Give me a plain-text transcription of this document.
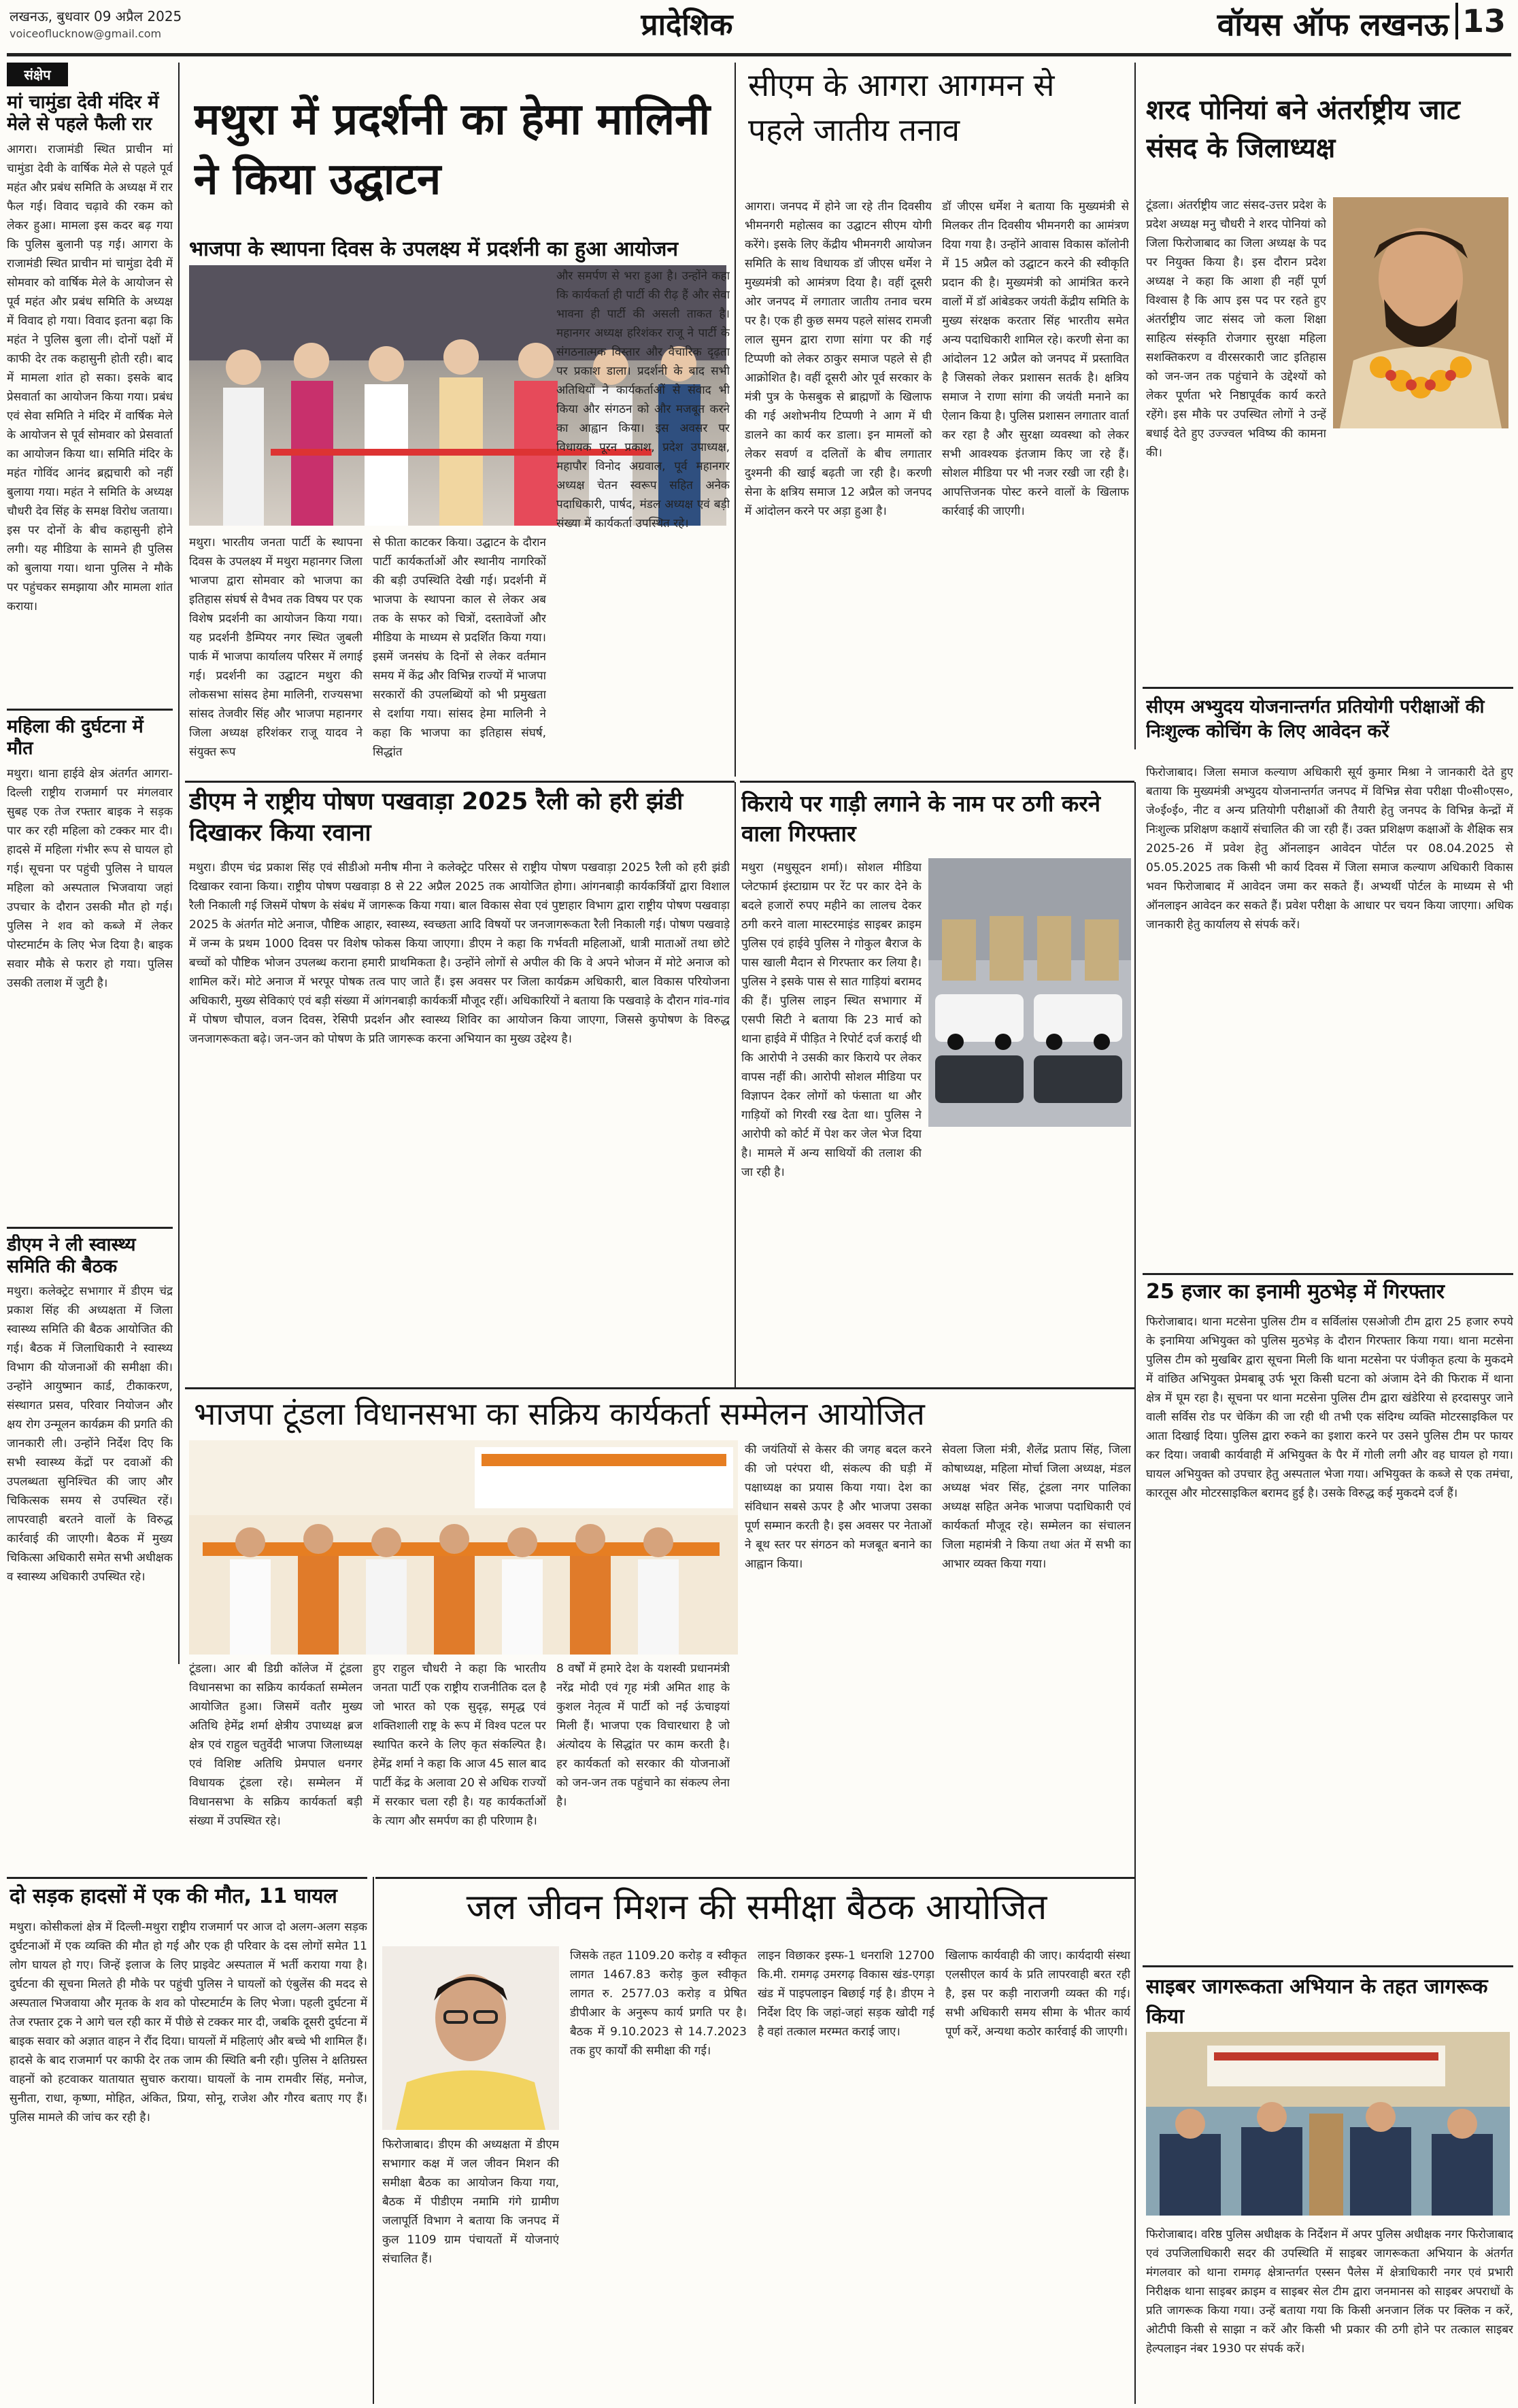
लखनऊ, बुधवार 09 अप्रैल 2025
voiceoflucknow@gmail.com	प्रादेशिक	वॉयस ऑफ लखनऊ 13
संक्षेप
मां चामुंडा देवी मंदिर में मेले से पहले फैली रार
आगरा। राजामंडी स्थित प्राचीन मां चामुंडा देवी के वार्षिक मेले से पहले पूर्व महंत और प्रबंध समिति के अध्यक्ष में रार फैल गई। विवाद चढ़ावे की रकम को लेकर हुआ। मामला इस कदर बढ़ गया कि पुलिस बुलानी पड़ गई। आगरा के राजामंडी स्थित प्राचीन मां चामुंडा देवी में सोमवार को वार्षिक मेले के आयोजन से पूर्व महंत और प्रबंध समिति के अध्यक्ष में विवाद हो गया। विवाद इतना बढ़ा कि महंत ने पुलिस बुला ली। दोनों पक्षों में काफी देर तक कहासुनी होती रही। बाद में मामला शांत हो सका। इसके बाद प्रेसवार्ता का आयोजन किया गया। प्रबंध एवं सेवा समिति ने मंदिर में वार्षिक मेले के आयोजन से पूर्व सोमवार को प्रेसवार्ता का आयोजन किया था। समिति मंदिर के महंत गोविंद आनंद ब्रह्मचारी को नहीं बुलाया गया। महंत ने समिति के अध्यक्ष चौधरी देव सिंह के समक्ष विरोध जताया। इस पर दोनों के बीच कहासुनी होने लगी। यह मीडिया के सामने ही पुलिस को बुलाया गया। थाना पुलिस ने मौके पर पहुंचकर समझाया और मामला शांत कराया।
महिला की दुर्घटना में मौत
मथुरा। थाना हाईवे क्षेत्र अंतर्गत आगरा-दिल्ली राष्ट्रीय राजमार्ग पर मंगलवार सुबह एक तेज रफ्तार बाइक ने सड़क पार कर रही महिला को टक्कर मार दी। हादसे में महिला गंभीर रूप से घायल हो गई। सूचना पर पहुंची पुलिस ने घायल महिला को अस्पताल भिजवाया जहां उपचार के दौरान उसकी मौत हो गई। पुलिस ने शव को कब्जे में लेकर पोस्टमार्टम के लिए भेज दिया है। बाइक सवार मौके से फरार हो गया। पुलिस उसकी तलाश में जुटी है।
डीएम ने ली स्वास्थ्य समिति की बैठक
मथुरा। कलेक्ट्रेट सभागार में डीएम चंद्र प्रकाश सिंह की अध्यक्षता में जिला स्वास्थ्य समिति की बैठक आयोजित की गई। बैठक में जिलाधिकारी ने स्वास्थ्य विभाग की योजनाओं की समीक्षा की। उन्होंने आयुष्मान कार्ड, टीकाकरण, संस्थागत प्रसव, परिवार नियोजन और क्षय रोग उन्मूलन कार्यक्रम की प्रगति की जानकारी ली। उन्होंने निर्देश दिए कि सभी स्वास्थ्य केंद्रों पर दवाओं की उपलब्धता सुनिश्चित की जाए और चिकित्सक समय से उपस्थित रहें। लापरवाही बरतने वालों के विरुद्ध कार्रवाई की जाएगी। बैठक में मुख्य चिकित्सा अधिकारी समेत सभी अधीक्षक व स्वास्थ्य अधिकारी उपस्थित रहे।
मथुरा में प्रदर्शनी का हेमा मालिनी ने किया उद्घाटन
भाजपा के स्थापना दिवस के उपलक्ष्य में प्रदर्शनी का हुआ आयोजन
मथुरा। भारतीय जनता पार्टी के स्थापना दिवस के उपलक्ष्य में मथुरा महानगर जिला भाजपा द्वारा सोमवार को भाजपा का इतिहास संघर्ष से वैभव तक विषय पर एक विशेष प्रदर्शनी का आयोजन किया गया। यह प्रदर्शनी डैम्पियर नगर स्थित जुबली पार्क में भाजपा कार्यालय परिसर में लगाई गई। प्रदर्शनी का उद्घाटन मथुरा की लोकसभा सांसद हेमा मालिनी, राज्यसभा सांसद तेजवीर सिंह और भाजपा महानगर जिला अध्यक्ष हरिशंकर राजू यादव ने संयुक्त रूप
से फीता काटकर किया। उद्घाटन के दौरान पार्टी कार्यकर्ताओं और स्थानीय नागरिकों की बड़ी उपस्थिति देखी गई। प्रदर्शनी में भाजपा के स्थापना काल से लेकर अब तक के सफर को चित्रों, दस्तावेजों और मीडिया के माध्यम से प्रदर्शित किया गया। इसमें जनसंघ के दिनों से लेकर वर्तमान समय में केंद्र और विभिन्न राज्यों में भाजपा सरकारों की उपलब्धियों को भी प्रमुखता से दर्शाया गया। सांसद हेमा मालिनी ने कहा कि भाजपा का इतिहास संघर्ष, सिद्धांत
और समर्पण से भरा हुआ है। उन्होंने कहा कि कार्यकर्ता ही पार्टी की रीढ़ हैं और सेवा भावना ही पार्टी की असली ताकत है। महानगर अध्यक्ष हरिशंकर राजू ने पार्टी के संगठनात्मक विस्तार और वैचारिक दृढ़ता पर प्रकाश डाला। प्रदर्शनी के बाद सभी अतिथियों ने कार्यकर्ताओं से संवाद भी किया और संगठन को और मजबूत करने का आह्वान किया। इस अवसर पर विधायक पूरन प्रकाश, प्रदेश उपाध्यक्ष, महापौर विनोद अग्रवाल, पूर्व महानगर अध्यक्ष चेतन स्वरूप सहित अनेक पदाधिकारी, पार्षद, मंडल अध्यक्ष एवं बड़ी संख्या में कार्यकर्ता उपस्थित रहे।
सीएम के आगरा आगमन से पहले जातीय तनाव
आगरा। जनपद में होने जा रहे तीन दिवसीय भीमनगरी महोत्सव का उद्घाटन सीएम योगी करेंगे। इसके लिए केंद्रीय भीमनगरी आयोजन समिति के साथ विधायक डॉ जीएस धर्मेश ने मुख्यमंत्री को आमंत्रण दिया है। वहीं दूसरी ओर जनपद में लगातार जातीय तनाव चरम पर है। एक ही कुछ समय पहले सांसद रामजी लाल सुमन द्वारा राणा सांगा पर की गई टिप्पणी को लेकर ठाकुर समाज पहले से ही आक्रोशित है। वहीं दूसरी ओर पूर्व सरकार के मंत्री पुत्र के फेसबुक से ब्राह्मणों के खिलाफ की गई अशोभनीय टिप्पणी ने आग में घी डालने का कार्य कर डाला। इन मामलों को लेकर सवर्ण व दलितों के बीच लगातार दुश्मनी की खाई बढ़ती जा रही है। करणी सेना के क्षत्रिय समाज 12 अप्रैल को जनपद में आंदोलन करने पर अड़ा हुआ है।
डॉ जीएस धर्मेश ने बताया कि मुख्यमंत्री से मिलकर तीन दिवसीय भीमनगरी का आमंत्रण दिया गया है। उन्होंने आवास विकास कॉलोनी में 15 अप्रैल को उद्घाटन करने की स्वीकृति प्रदान की है। मुख्यमंत्री को आमंत्रित करने वालों में डॉ आंबेडकर जयंती केंद्रीय समिति के मुख्य संरक्षक करतार सिंह भारतीय समेत अन्य पदाधिकारी शामिल रहे। करणी सेना का आंदोलन 12 अप्रैल को जनपद में प्रस्तावित है जिसको लेकर प्रशासन सतर्क है। क्षत्रिय समाज ने राणा सांगा की जयंती मनाने का ऐलान किया है। पुलिस प्रशासन लगातार वार्ता कर रहा है और सुरक्षा व्यवस्था को लेकर सभी आवश्यक इंतजाम किए जा रहे हैं। सोशल मीडिया पर भी नजर रखी जा रही है। आपत्तिजनक पोस्ट करने वालों के खिलाफ कार्रवाई की जाएगी।
शरद पोनियां बने अंतर्राष्ट्रीय जाट संसद के जिलाध्यक्ष
टूंडला। अंतर्राष्ट्रीय जाट संसद-उत्तर प्रदेश के प्रदेश अध्यक्ष मनु चौधरी ने शरद पोनियां को जिला फिरोजाबाद का जिला अध्यक्ष के पद पर नियुक्त किया है। इस दौरान प्रदेश अध्यक्ष ने कहा कि आशा ही नहीं पूर्ण विश्वास है कि आप इस पद पर रहते हुए अंतर्राष्ट्रीय जाट संसद जो कला शिक्षा साहित्य संस्कृति रोजगार सुरक्षा महिला सशक्तिकरण व वीरसरकारी जाट इतिहास को जन-जन तक पहुंचाने के उद्देश्यों को लेकर पूर्णता भरे निष्ठापूर्वक कार्य करते रहेंगे। इस मौके पर उपस्थित लोगों ने उन्हें बधाई देते हुए उज्ज्वल भविष्य की कामना की।
सीएम अभ्युदय योजनान्तर्गत प्रतियोगी परीक्षाओं की निःशुल्क कोचिंग के लिए आवेदन करें
फिरोजाबाद। जिला समाज कल्याण अधिकारी सूर्य कुमार मिश्रा ने जानकारी देते हुए बताया कि मुख्यमंत्री अभ्युदय योजनान्तर्गत जनपद में विभिन्न सेवा परीक्षा पी०सी०एस०, जे०ई०ई०, नीट व अन्य प्रतियोगी परीक्षाओं की तैयारी हेतु जनपद के विभिन्न केन्द्रों में निःशुल्क प्रशिक्षण कक्षायें संचालित की जा रही हैं। उक्त प्रशिक्षण कक्षाओं के शैक्षिक सत्र 2025-26 में प्रवेश हेतु ऑनलाइन आवेदन पोर्टल पर 08.04.2025 से 05.05.2025 तक किसी भी कार्य दिवस में जिला समाज कल्याण अधिकारी विकास भवन फिरोजाबाद में आवेदन जमा कर सकते हैं। अभ्यर्थी पोर्टल के माध्यम से भी ऑनलाइन आवेदन कर सकते हैं। प्रवेश परीक्षा के आधार पर चयन किया जाएगा। अधिक जानकारी हेतु कार्यालय से संपर्क करें।
25 हजार का इनामी मुठभेड़ में गिरफ्तार
फिरोजाबाद। थाना मटसेना पुलिस टीम व सर्विलांस एसओजी टीम द्वारा 25 हजार रुपये के इनामिया अभियुक्त को पुलिस मुठभेड़ के दौरान गिरफ्तार किया गया। थाना मटसेना पुलिस टीम को मुखबिर द्वारा सूचना मिली कि थाना मटसेना पर पंजीकृत हत्या के मुकदमे में वांछित अभियुक्त प्रेमबाबू उर्फ भूरा किसी घटना को अंजाम देने की फिराक में थाना क्षेत्र में घूम रहा है। सूचना पर थाना मटसेना पुलिस टीम द्वारा खंडेरिया से हरदासपुर जाने वाली सर्विस रोड पर चेकिंग की जा रही थी तभी एक संदिग्ध व्यक्ति मोटरसाइकिल पर आता दिखाई दिया। पुलिस द्वारा रुकने का इशारा करने पर उसने पुलिस टीम पर फायर कर दिया। जवाबी कार्यवाही में अभियुक्त के पैर में गोली लगी और वह घायल हो गया। घायल अभियुक्त को उपचार हेतु अस्पताल भेजा गया। अभियुक्त के कब्जे से एक तमंचा, कारतूस और मोटरसाइकिल बरामद हुई है। उसके विरुद्ध कई मुकदमे दर्ज हैं।
साइबर जागरूकता अभियान के तहत जागरूक किया
फिरोजाबाद। वरिष्ठ पुलिस अधीक्षक के निर्देशन में अपर पुलिस अधीक्षक नगर फिरोजाबाद एवं उपजिलाधिकारी सदर की उपस्थिति में साइबर जागरूकता अभियान के अंतर्गत मंगलवार को थाना रामगढ़ क्षेत्रान्तर्गत एस्सन पैलेस में क्षेत्राधिकारी नगर एवं प्रभारी निरीक्षक थाना साइबर क्राइम व साइबर सेल टीम द्वारा जनमानस को साइबर अपराधों के प्रति जागरूक किया गया। उन्हें बताया गया कि किसी अनजान लिंक पर क्लिक न करें, ओटीपी किसी से साझा न करें और किसी भी प्रकार की ठगी होने पर तत्काल साइबर हेल्पलाइन नंबर 1930 पर संपर्क करें।
डीएम ने राष्ट्रीय पोषण पखवाड़ा 2025 रैली को हरी झंडी दिखाकर किया रवाना
मथुरा। डीएम चंद्र प्रकाश सिंह एवं सीडीओ मनीष मीना ने कलेक्ट्रेट परिसर से राष्ट्रीय पोषण पखवाड़ा 2025 रैली को हरी झंडी दिखाकर रवाना किया। राष्ट्रीय पोषण पखवाड़ा 8 से 22 अप्रैल 2025 तक आयोजित होगा। आंगनबाड़ी कार्यकर्त्रियों द्वारा विशाल रैली निकाली गई जिसमें पोषण के संबंध में जागरूक किया गया। बाल विकास सेवा एवं पुष्टाहार विभाग द्वारा राष्ट्रीय पोषण पखवाड़ा 2025 के अंतर्गत मोटे अनाज, पौष्टिक आहार, स्वास्थ्य, स्वच्छता आदि विषयों पर जनजागरूकता रैली निकाली गई। पोषण पखवाड़े में जन्म के प्रथम 1000 दिवस पर विशेष फोकस किया जाएगा। डीएम ने कहा कि गर्भवती महिलाओं, धात्री माताओं तथा छोटे बच्चों को पौष्टिक भोजन उपलब्ध कराना हमारी प्राथमिकता है। उन्होंने लोगों से अपील की कि वे अपने भोजन में मोटे अनाज को शामिल करें। मोटे अनाज में भरपूर पोषक तत्व पाए जाते हैं। इस अवसर पर जिला कार्यक्रम अधिकारी, बाल विकास परियोजना अधिकारी, मुख्य सेविकाएं एवं बड़ी संख्या में आंगनबाड़ी कार्यकर्त्री मौजूद रहीं। अधिकारियों ने बताया कि पखवाड़े के दौरान गांव-गांव में पोषण चौपाल, वजन दिवस, रेसिपी प्रदर्शन और स्वास्थ्य शिविर का आयोजन किया जाएगा, जिससे कुपोषण के विरुद्ध जनजागरूकता बढ़े। जन-जन को पोषण के प्रति जागरूक करना अभियान का मुख्य उद्देश्य है।
किराये पर गाड़ी लगाने के नाम पर ठगी करने वाला गिरफ्तार
मथुरा (मधुसूदन शर्मा)। सोशल मीडिया प्लेटफार्म इंस्टाग्राम पर रेंट पर कार देने के बदले हजारों रुपए महीने का लालच देकर ठगी करने वाला मास्टरमाइंड साइबर क्राइम पुलिस एवं हाईवे पुलिस ने गोकुल बैराज के पास खाली मैदान से गिरफ्तार कर लिया है। पुलिस ने इसके पास से सात गाड़ियां बरामद की हैं। पुलिस लाइन स्थित सभागार में एसपी सिटी ने बताया कि 23 मार्च को थाना हाईवे में पीड़ित ने रिपोर्ट दर्ज कराई थी कि आरोपी ने उसकी कार किराये पर लेकर वापस नहीं की। आरोपी सोशल मीडिया पर विज्ञापन देकर लोगों को फंसाता था और गाड़ियों को गिरवी रख देता था। पुलिस ने आरोपी को कोर्ट में पेश कर जेल भेज दिया है। मामले में अन्य साथियों की तलाश की जा रही है।
भाजपा टूंडला विधानसभा का सक्रिय कार्यकर्ता सम्मेलन आयोजित
टूंडला। आर बी डिग्री कॉलेज में टूंडला विधानसभा का सक्रिय कार्यकर्ता सम्मेलन आयोजित हुआ। जिसमें वतौर मुख्य अतिथि हेमेंद्र शर्मा क्षेत्रीय उपाध्यक्ष ब्रज क्षेत्र एवं राहुल चतुर्वेदी भाजपा जिलाध्यक्ष एवं विशिष्ट अतिथि प्रेमपाल धनगर विधायक टूंडला रहे। सम्मेलन में विधानसभा के सक्रिय कार्यकर्ता बड़ी संख्या में उपस्थित रहे।
हुए राहुल चौधरी ने कहा कि भारतीय जनता पार्टी एक राष्ट्रीय राजनीतिक दल है जो भारत को एक सुदृढ़, समृद्ध एवं शक्तिशाली राष्ट्र के रूप में विश्व पटल पर स्थापित करने के लिए कृत संकल्पित है। हेमेंद्र शर्मा ने कहा कि आज 45 साल बाद पार्टी केंद्र के अलावा 20 से अधिक राज्यों में सरकार चला रही है। यह कार्यकर्ताओं के त्याग और समर्पण का ही परिणाम है।
8 वर्षों में हमारे देश के यशस्वी प्रधानमंत्री नरेंद्र मोदी एवं गृह मंत्री अमित शाह के कुशल नेतृत्व में पार्टी को नई ऊंचाइयां मिली हैं। भाजपा एक विचारधारा है जो अंत्योदय के सिद्धांत पर काम करती है। हर कार्यकर्ता को सरकार की योजनाओं को जन-जन तक पहुंचाने का संकल्प लेना है।
की जयंतियों से केसर की जगह बदल करने की जो परंपरा थी, संकल्प की घड़ी में पक्षाध्यक्ष का प्रयास किया गया। देश का संविधान सबसे ऊपर है और भाजपा उसका पूर्ण सम्मान करती है। इस अवसर पर नेताओं ने बूथ स्तर पर संगठन को मजबूत बनाने का आह्वान किया।
सेवला जिला मंत्री, शैलेंद्र प्रताप सिंह, जिला कोषाध्यक्ष, महिला मोर्चा जिला अध्यक्ष, मंडल अध्यक्ष भंवर सिंह, टूंडला नगर पालिका अध्यक्ष सहित अनेक भाजपा पदाधिकारी एवं कार्यकर्ता मौजूद रहे। सम्मेलन का संचालन जिला महामंत्री ने किया तथा अंत में सभी का आभार व्यक्त किया गया।
दो सड़क हादसों में एक की मौत, 11 घायल
मथुरा। कोसीकलां क्षेत्र में दिल्ली-मथुरा राष्ट्रीय राजमार्ग पर आज दो अलग-अलग सड़क दुर्घटनाओं में एक व्यक्ति की मौत हो गई और एक ही परिवार के दस लोगों समेत 11 लोग घायल हो गए। जिन्हें इलाज के लिए प्राइवेट अस्पताल में भर्ती कराया गया है। दुर्घटना की सूचना मिलते ही मौके पर पहुंची पुलिस ने घायलों को एंबुलेंस की मदद से अस्पताल भिजवाया और मृतक के शव को पोस्टमार्टम के लिए भेजा। पहली दुर्घटना में तेज रफ्तार ट्रक ने आगे चल रही कार में पीछे से टक्कर मार दी, जबकि दूसरी दुर्घटना में बाइक सवार को अज्ञात वाहन ने रौंद दिया। घायलों में महिलाएं और बच्चे भी शामिल हैं। हादसे के बाद राजमार्ग पर काफी देर तक जाम की स्थिति बनी रही। पुलिस ने क्षतिग्रस्त वाहनों को हटवाकर यातायात सुचारु कराया। घायलों के नाम रामवीर सिंह, मनोज, सुनीता, राधा, कृष्णा, मोहित, अंकित, प्रिया, सोनू, राजेश और गौरव बताए गए हैं। पुलिस मामले की जांच कर रही है।
जल जीवन मिशन की समीक्षा बैठक आयोजित
फिरोजाबाद। डीएम की अध्यक्षता में डीएम सभागार कक्ष में जल जीवन मिशन की समीक्षा बैठक का आयोजन किया गया, बैठक में पीडीएम नमामि गंगे ग्रामीण जलापूर्ति विभाग ने बताया कि जनपद में कुल 1109 ग्राम पंचायतों में योजनाएं संचालित हैं।
जिसके तहत 1109.20 करोड़ व स्वीकृत लागत 1467.83 करोड़ कुल स्वीकृत लागत रु. 2577.03 करोड़ व प्रेषित डीपीआर के अनुरूप कार्य प्रगति पर है। बैठक में 9.10.2023 से 14.7.2023 तक हुए कार्यों की समीक्षा की गई।
लाइन विछाकर इस्फ-1 धनराशि 12700 कि.मी. रामगढ़ उमरगढ़ विकास खंड-एगड़ा खंड में पाइपलाइन बिछाई गई है। डीएम ने निर्देश दिए कि जहां-जहां सड़क खोदी गई है वहां तत्काल मरम्मत कराई जाए।
खिलाफ कार्यवाही की जाए। कार्यदायी संस्था एलसीएल कार्य के प्रति लापरवाही बरत रही है, इस पर कड़ी नाराजगी व्यक्त की गई। सभी अधिकारी समय सीमा के भीतर कार्य पूर्ण करें, अन्यथा कठोर कार्रवाई की जाएगी।
